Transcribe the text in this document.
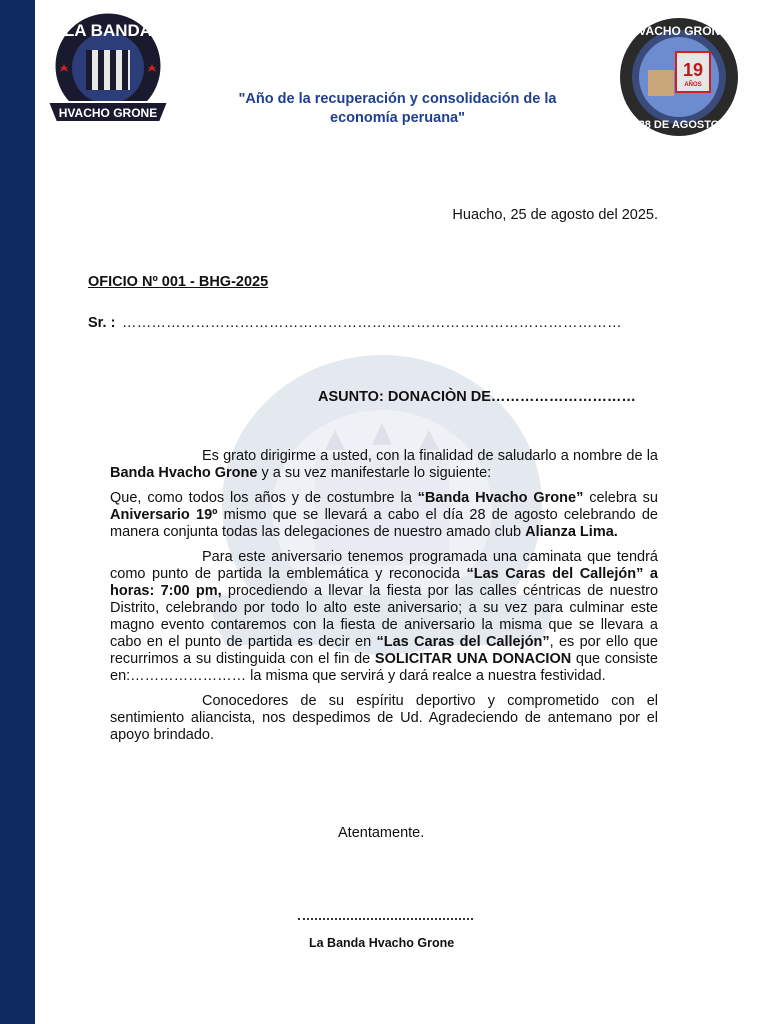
LA BANDA
HVACHO GRONE
19
AÑOS
HVACHO GRONE
28 DE AGOSTO
"Año de la recuperación y consolidación de la economía peruana"
Huacho, 25 de agosto del 2025.
OFICIO Nº 001 - BHG-2025
Sr. : …………………………………………………………………………………………
ASUNTO: DONACIÒN DE…………………………

Es grato dirigirme a usted, con la finalidad de saludarlo a nombre de la Banda Hvacho Grone y a su vez manifestarle lo siguiente:

Que, como todos los años y de costumbre la “Banda Hvacho Grone” celebra su Aniversario 19º mismo que se llevará a cabo el día 28 de agosto celebrando de manera conjunta todas las delegaciones de nuestro amado club Alianza Lima.

Para este aniversario tenemos programada una caminata que tendrá como punto de partida la emblemática y reconocida “Las Caras del Callejón” a horas: 7:00 pm, procediendo a llevar la fiesta por las calles céntricas de nuestro Distrito, celebrando por todo lo alto este aniversario; a su vez para culminar este magno evento contaremos con la fiesta de aniversario la misma que se llevara a cabo en el punto de partida es decir en “Las Caras del Callejón”, es por ello que recurrimos a su distinguida con el fin de SOLICITAR UNA DONACION que consiste en:…………………… la misma que servirá y dará realce a nuestra festividad.

Conocedores de su espíritu deportivo y comprometido con el sentimiento aliancista, nos despedimos de Ud. Agradeciendo de antemano por el apoyo brindado.

Atentamente.
La Banda Hvacho Grone
